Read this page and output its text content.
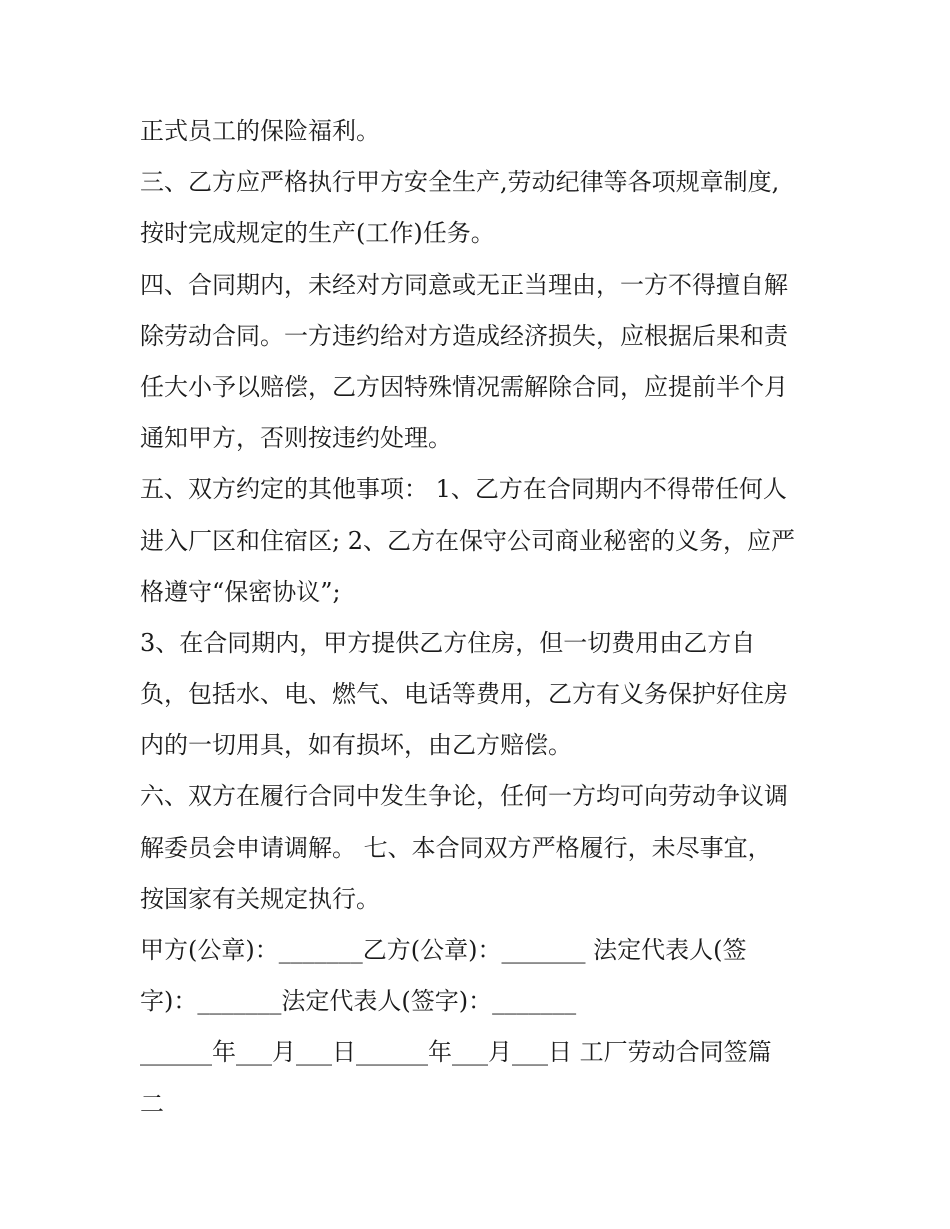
正式员工的保险福利。
三、乙方应严格执行甲方安全生产,劳动纪律等各项规章制度,
按时完成规定的生产(工作)任务。
四、合同期内，未经对方同意或无正当理由，一方不得擅自解
除劳动合同。一方违约给对方造成经济损失，应根据后果和责
任大小予以赔偿，乙方因特殊情况需解除合同，应提前半个月
通知甲方，否则按违约处理。
五、双方约定的其他事项： 1、乙方在合同期内不得带任何人
进入厂区和住宿区; 2、乙方在保守公司商业秘密的义务，应严
格遵守“保密协议”;
3、在合同期内，甲方提供乙方住房，但一切费用由乙方自
负，包括水、电、燃气、电话等费用，乙方有义务保护好住房
内的一切用具，如有损坏，由乙方赔偿。
六、双方在履行合同中发生争论，任何一方均可向劳动争议调
解委员会申请调解。 七、本合同双方严格履行，未尽事宜，
按国家有关规定执行。
甲方(公章)：_______乙方(公章)：_______ 法定代表人(签
字)：_______法定代表人(签字)：_______
______年___月___日______年___月___日 工厂劳动合同签篇
二
